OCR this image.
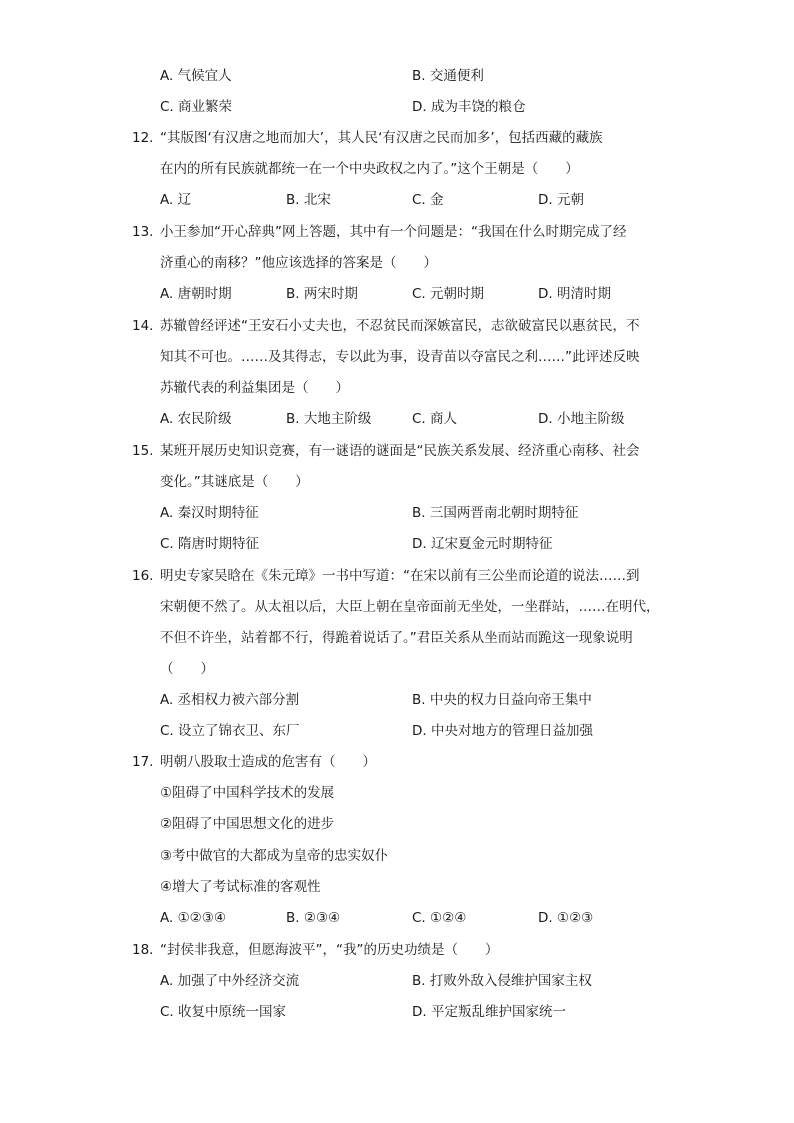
A. 气候宜人	B. 交通便利
C. 商业繁荣	D. 成为丰饶的粮仓
12. “其版图‘有汉唐之地而加大’，其人民‘有汉唐之民而加多’，包括西藏的藏族
在内的所有民族就都统一在一个中央政权之内了。”这个王朝是（　　）
A. 辽	B. 北宋	C. 金	D. 元朝
13. 小王参加“开心辞典”网上答题，其中有一个问题是：“我国在什么时期完成了经
济重心的南移？”他应该选择的答案是（　　）
A. 唐朝时期	B. 两宋时期	C. 元朝时期	D. 明清时期
14. 苏辙曾经评述“王安石小丈夫也，不忍贫民而深嫉富民，志欲破富民以惠贫民，不
知其不可也。……及其得志，专以此为事，设青苗以夺富民之利……”此评述反映
苏辙代表的利益集团是（　　）
A. 农民阶级	B. 大地主阶级	C. 商人	D. 小地主阶级
15. 某班开展历史知识竞赛，有一谜语的谜面是“民族关系发展、经济重心南移、社会
变化。”其谜底是（　　）
A. 秦汉时期特征	B. 三国两晋南北朝时期特征
C. 隋唐时期特征	D. 辽宋夏金元时期特征
16. 明史专家吴晗在《朱元璋》一书中写道：“在宋以前有三公坐而论道的说法……到
宋朝便不然了。从太祖以后，大臣上朝在皇帝面前无坐处，一坐群站，……在明代，
不但不许坐，站着都不行，得跪着说话了。”君臣关系从坐而站而跪这一现象说明
（　　）
A. 丞相权力被六部分割	B. 中央的权力日益向帝王集中
C. 设立了锦衣卫、东厂	D. 中央对地方的管理日益加强
17. 明朝八股取士造成的危害有（　　）
①阻碍了中国科学技术的发展
②阻碍了中国思想文化的进步
③考中做官的大都成为皇帝的忠实奴仆
④增大了考试标准的客观性
A. ①②③④	B. ②③④	C. ①②④	D. ①②③
18. “封侯非我意，但愿海波平”，“我”的历史功绩是（　　）
A. 加强了中外经济交流	B. 打败外敌入侵维护国家主权
C. 收复中原统一国家	D. 平定叛乱维护国家统一
